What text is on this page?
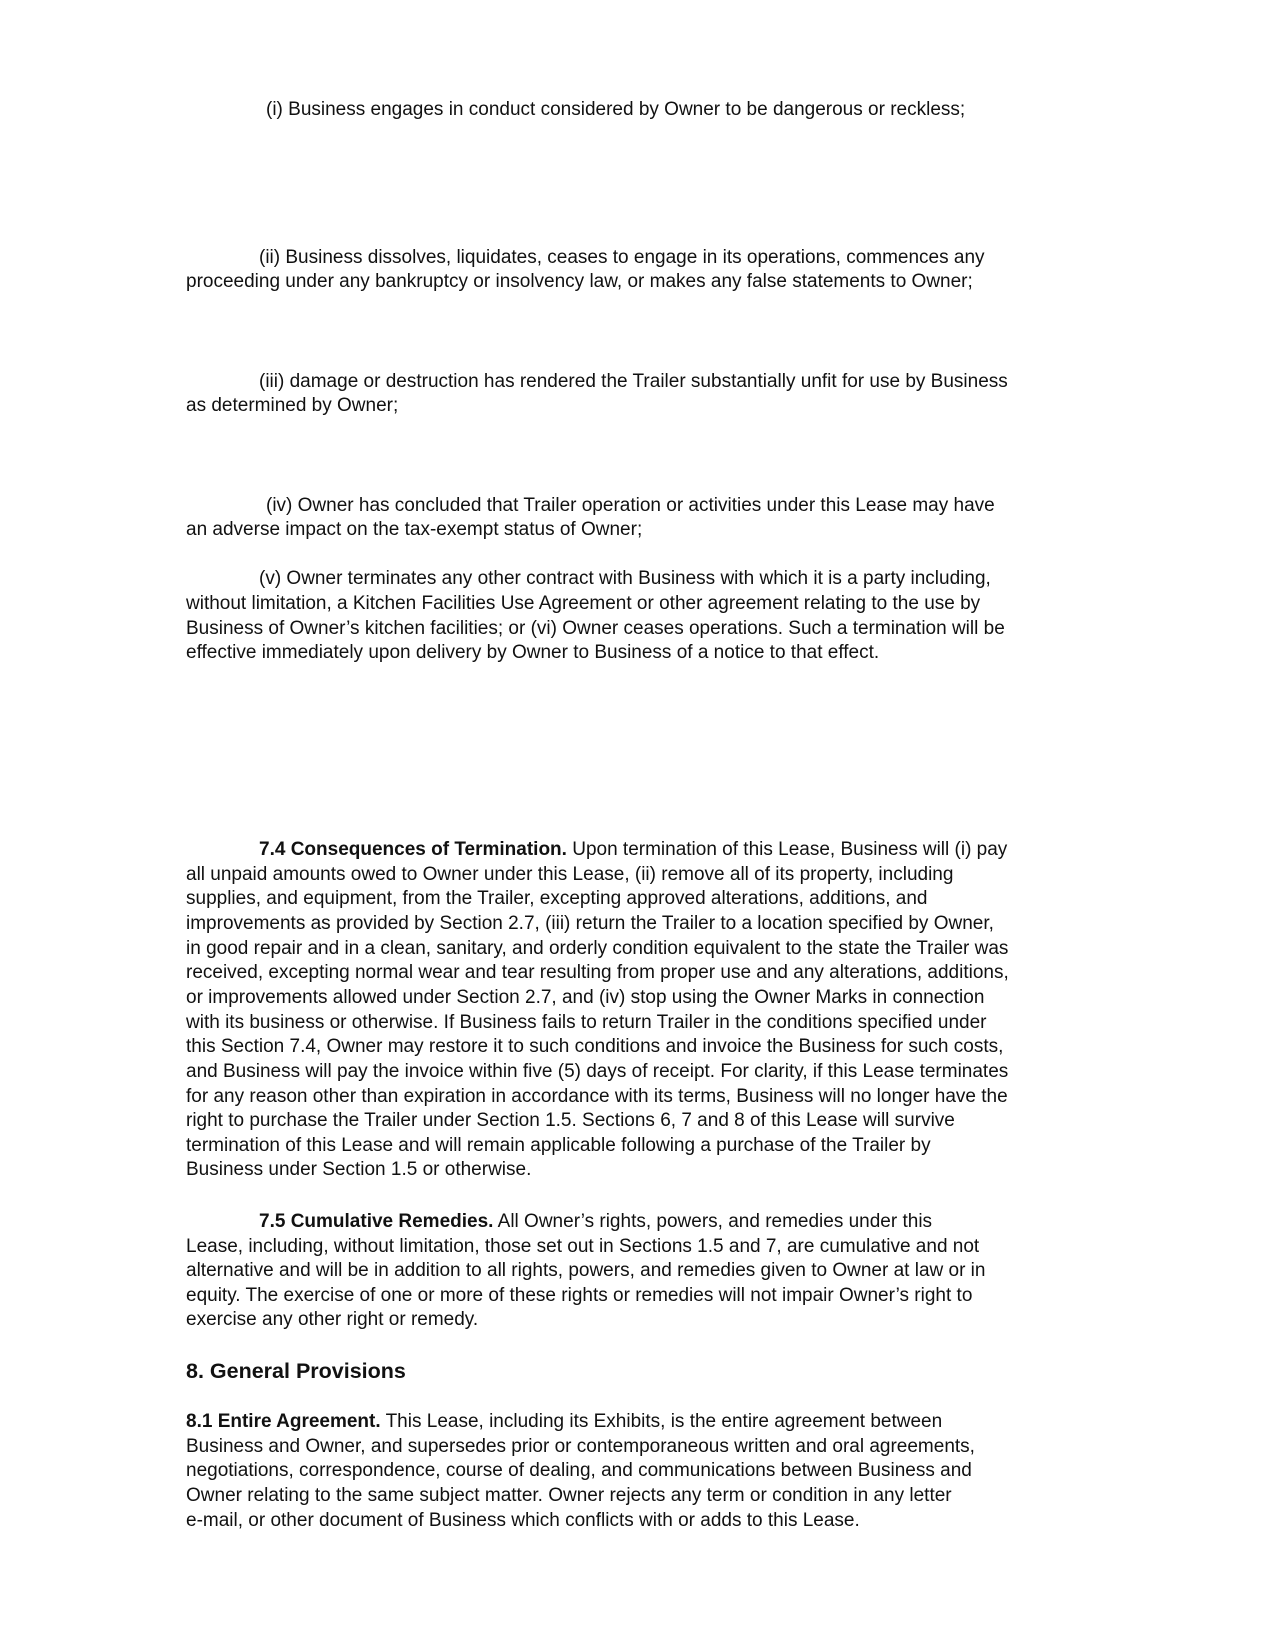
(i) Business engages in conduct considered by Owner to be dangerous or reckless;

(ii) Business dissolves, liquidates, ceases to engage in its operations, commences any

proceeding under any bankruptcy or insolvency law, or makes any false statements to Owner;

(iii) damage or destruction has rendered the Trailer substantially unfit for use by Business

as determined by Owner;

(iv) Owner has concluded that Trailer operation or activities under this Lease may have

an adverse impact on the tax-exempt status of Owner;

(v) Owner terminates any other contract with Business with which it is a party including,

without limitation, a Kitchen Facilities Use Agreement or other agreement relating to the use by

Business of Owner’s kitchen facilities; or (vi) Owner ceases operations. Such a termination will be

effective immediately upon delivery by Owner to Business of a notice to that effect.

7.4 Consequences of Termination. Upon termination of this Lease, Business will (i) pay

all unpaid amounts owed to Owner under this Lease, (ii) remove all of its property, including

supplies, and equipment, from the Trailer, excepting approved alterations, additions, and

improvements as provided by Section 2.7, (iii) return the Trailer to a location specified by Owner,

in good repair and in a clean, sanitary, and orderly condition equivalent to the state the Trailer was

received, excepting normal wear and tear resulting from proper use and any alterations, additions,

or improvements allowed under Section 2.7, and (iv) stop using the Owner Marks in connection

with its business or otherwise. If Business fails to return Trailer in the conditions specified under

this Section 7.4, Owner may restore it to such conditions and invoice the Business for such costs,

and Business will pay the invoice within five (5) days of receipt. For clarity, if this Lease terminates

for any reason other than expiration in accordance with its terms, Business will no longer have the

right to purchase the Trailer under Section 1.5. Sections 6, 7 and 8 of this Lease will survive

termination of this Lease and will remain applicable following a purchase of the Trailer by

Business under Section 1.5 or otherwise.

7.5 Cumulative Remedies. All Owner’s rights, powers, and remedies under this

Lease, including, without limitation, those set out in Sections 1.5 and 7, are cumulative and not

alternative and will be in addition to all rights, powers, and remedies given to Owner at law or in

equity. The exercise of one or more of these rights or remedies will not impair Owner’s right to

exercise any other right or remedy.

8. General Provisions

8.1 Entire Agreement. This Lease, including its Exhibits, is the entire agreement between

Business and Owner, and supersedes prior or contemporaneous written and oral agreements,

negotiations, correspondence, course of dealing, and communications between Business and

Owner relating to the same subject matter. Owner rejects any term or condition in any letter

e-mail, or other document of Business which conflicts with or adds to this Lease.
